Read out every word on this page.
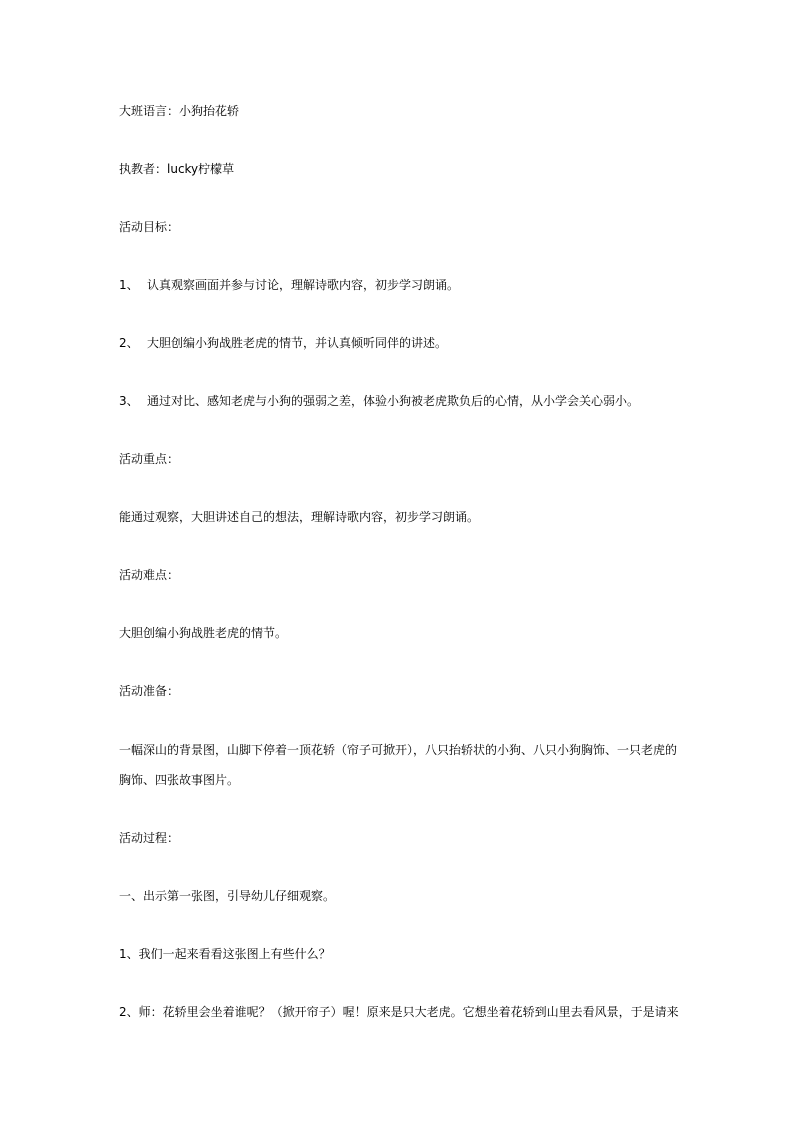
大班语言：小狗抬花轿
执教者：lucky柠檬草
活动目标：
1、 认真观察画面并参与讨论，理解诗歌内容，初步学习朗诵。
2、 大胆创编小狗战胜老虎的情节，并认真倾听同伴的讲述。
3、 通过对比、感知老虎与小狗的强弱之差，体验小狗被老虎欺负后的心情，从小学会关心弱小。
活动重点：
能通过观察，大胆讲述自己的想法，理解诗歌内容，初步学习朗诵。
活动难点：
大胆创编小狗战胜老虎的情节。
活动准备：
一幅深山的背景图，山脚下停着一顶花轿（帘子可掀开），八只抬轿状的小狗、八只小狗胸饰、一只老虎的胸饰、四张故事图片。
活动过程：
一、出示第一张图，引导幼儿仔细观察。
1、我们一起来看看这张图上有些什么？
2、师：花轿里会坐着谁呢？（掀开帘子）喔！原来是只大老虎。它想坐着花轿到山里去看风景，于是请来
